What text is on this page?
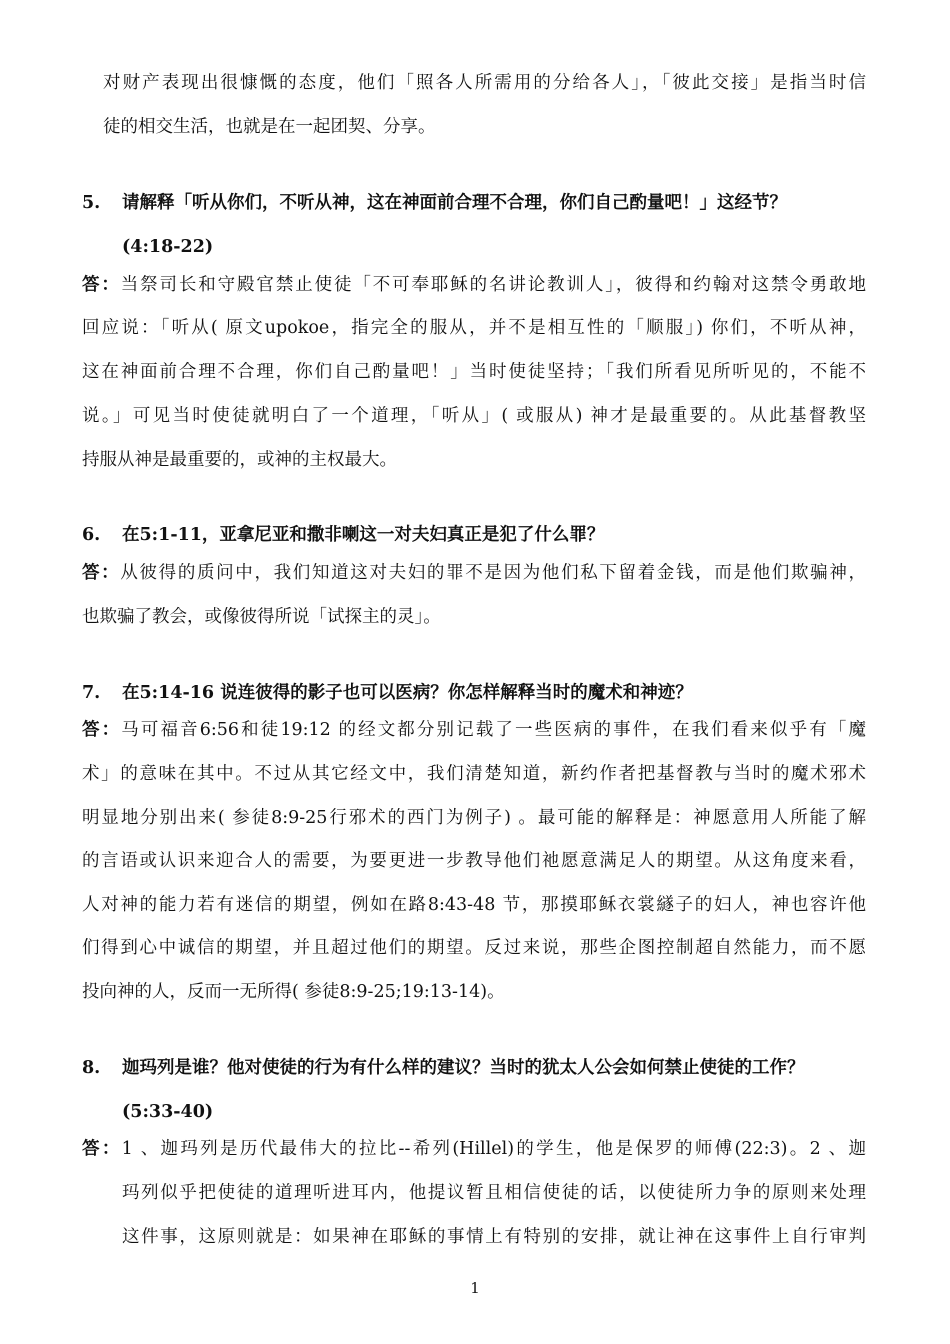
对财产表现出很慷慨的态度，他们「照各人所需用的分给各人」，「彼此交接」是指当时信
徒的相交生活，也就是在一起团契、分享。
5. 请解释「听从你们，不听从神，这在神面前合理不合理，你们自己酌量吧！」这经节？
(4:18-22)
答：当祭司长和守殿官禁止使徒「不可奉耶稣的名讲论教训人」，彼得和约翰对这禁令勇敢地
回应说：「听从( 原文upokoe，指完全的服从，并不是相互性的「顺服」) 你们，不听从神，
这在神面前合理不合理，你们自己酌量吧！」当时使徒坚持；「我们所看见所听见的，不能不
说。」可见当时使徒就明白了一个道理，「听从」( 或服从) 神才是最重要的。从此基督教坚
持服从神是最重要的，或神的主权最大。
6. 在5:1-11，亚拿尼亚和撒非喇这一对夫妇真正是犯了什么罪？
答：从彼得的质问中，我们知道这对夫妇的罪不是因为他们私下留着金钱，而是他们欺骗神，
也欺骗了教会，或像彼得所说「试探主的灵」。
7. 在5:14-16 说连彼得的影子也可以医病？你怎样解释当时的魔术和神迹？
答：马可福音6:56和徒19:12 的经文都分别记载了一些医病的事件，在我们看来似乎有「魔
术」的意味在其中。不过从其它经文中，我们清楚知道，新约作者把基督教与当时的魔术邪术
明显地分别出来( 参徒8:9-25行邪术的西门为例子) 。最可能的解释是：神愿意用人所能了解
的言语或认识来迎合人的需要，为要更进一步教导他们祂愿意满足人的期望。从这角度来看，
人对神的能力若有迷信的期望，例如在路8:43-48 节，那摸耶稣衣裳繸子的妇人，神也容许他
们得到心中诚信的期望，并且超过他们的期望。反过来说，那些企图控制超自然能力，而不愿
投向神的人，反而一无所得( 参徒8:9-25;19:13-14)。
8. 迦玛列是谁？他对使徒的行为有什么样的建议？当时的犹太人公会如何禁止使徒的工作？
(5:33-40)
答：1 、迦玛列是历代最伟大的拉比--希列(Hillel)的学生，他是保罗的师傅(22:3)。2 、迦
玛列似乎把使徒的道理听进耳内，他提议暂且相信使徒的话，以使徒所力争的原则来处理
这件事，这原则就是：如果神在耶稣的事情上有特别的安排，就让神在这事件上自行审判
1
